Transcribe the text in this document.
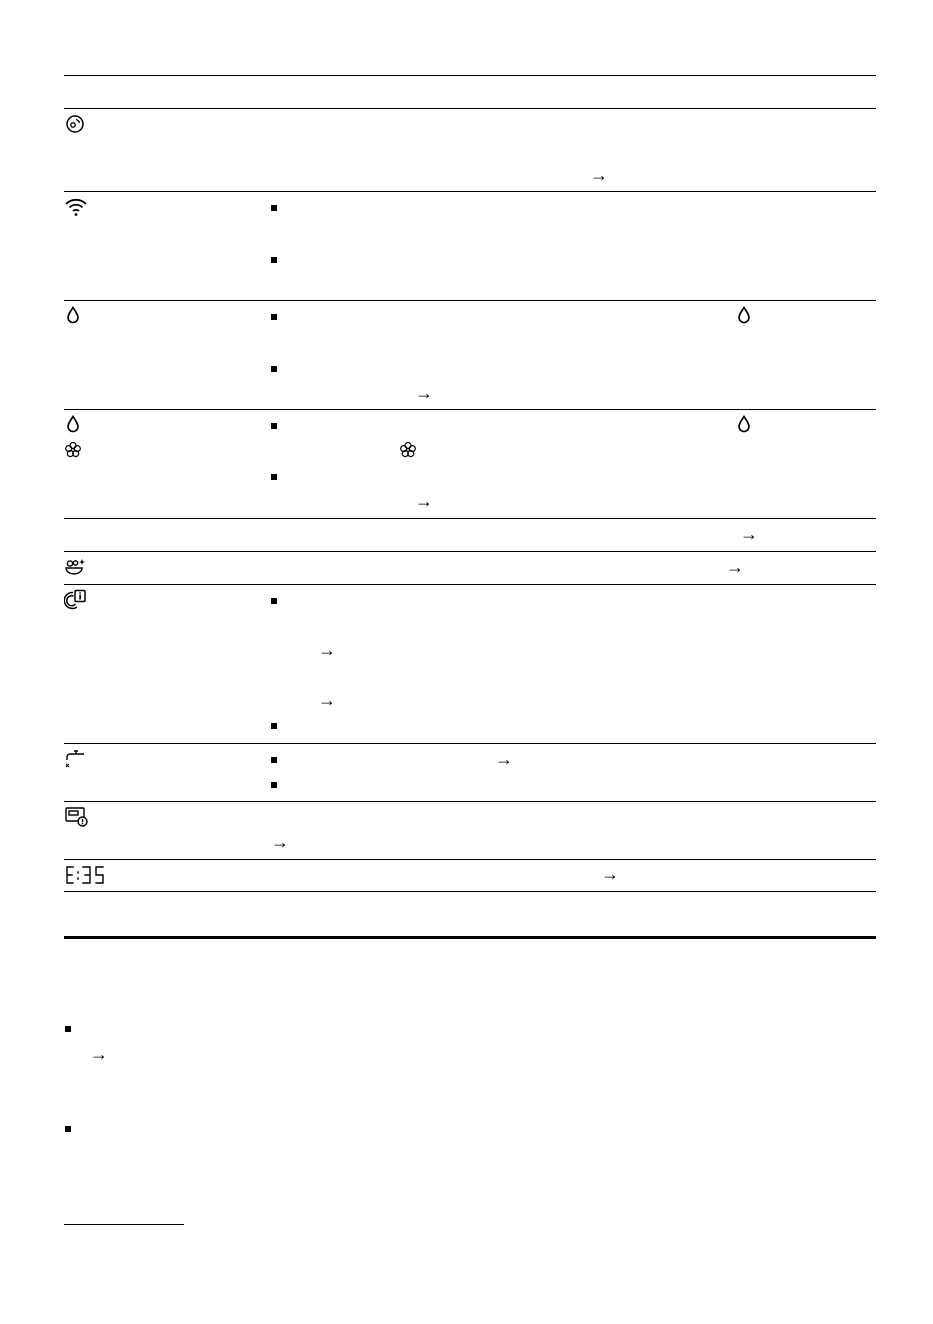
→
→
→
→
→
→
→
→
→
→
→
